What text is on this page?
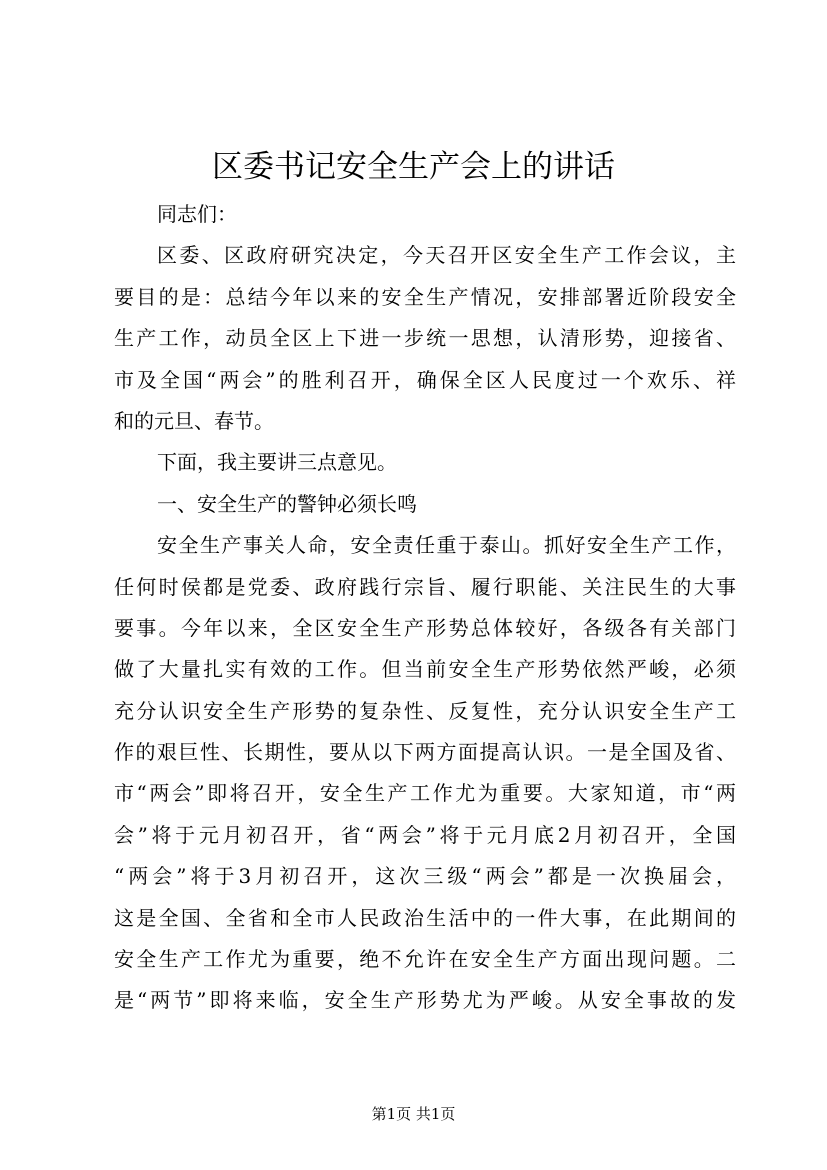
区委书记安全生产会上的讲话
同志们：
区委、区政府研究决定，今天召开区安全生产工作会议，主
要目的是：总结今年以来的安全生产情况，安排部署近阶段安全
生产工作，动员全区上下进一步统一思想，认清形势，迎接省、
市及全国“两会”的胜利召开，确保全区人民度过一个欢乐、祥
和的元旦、春节。
下面，我主要讲三点意见。
一、安全生产的警钟必须长鸣
安全生产事关人命，安全责任重于泰山。抓好安全生产工作，
任何时侯都是党委、政府践行宗旨、履行职能、关注民生的大事
要事。今年以来，全区安全生产形势总体较好，各级各有关部门
做了大量扎实有效的工作。但当前安全生产形势依然严峻，必须
充分认识安全生产形势的复杂性、反复性，充分认识安全生产工
作的艰巨性、长期性，要从以下两方面提高认识。一是全国及省、
市“两会”即将召开，安全生产工作尤为重要。大家知道，市“两
会”将于元月初召开，省“两会”将于元月底2月初召开，全国
“两会”将于3月初召开，这次三级“两会”都是一次换届会，
这是全国、全省和全市人民政治生活中的一件大事，在此期间的
安全生产工作尤为重要，绝不允许在安全生产方面出现问题。二
是“两节”即将来临，安全生产形势尤为严峻。从安全事故的发
第1页 共1页
